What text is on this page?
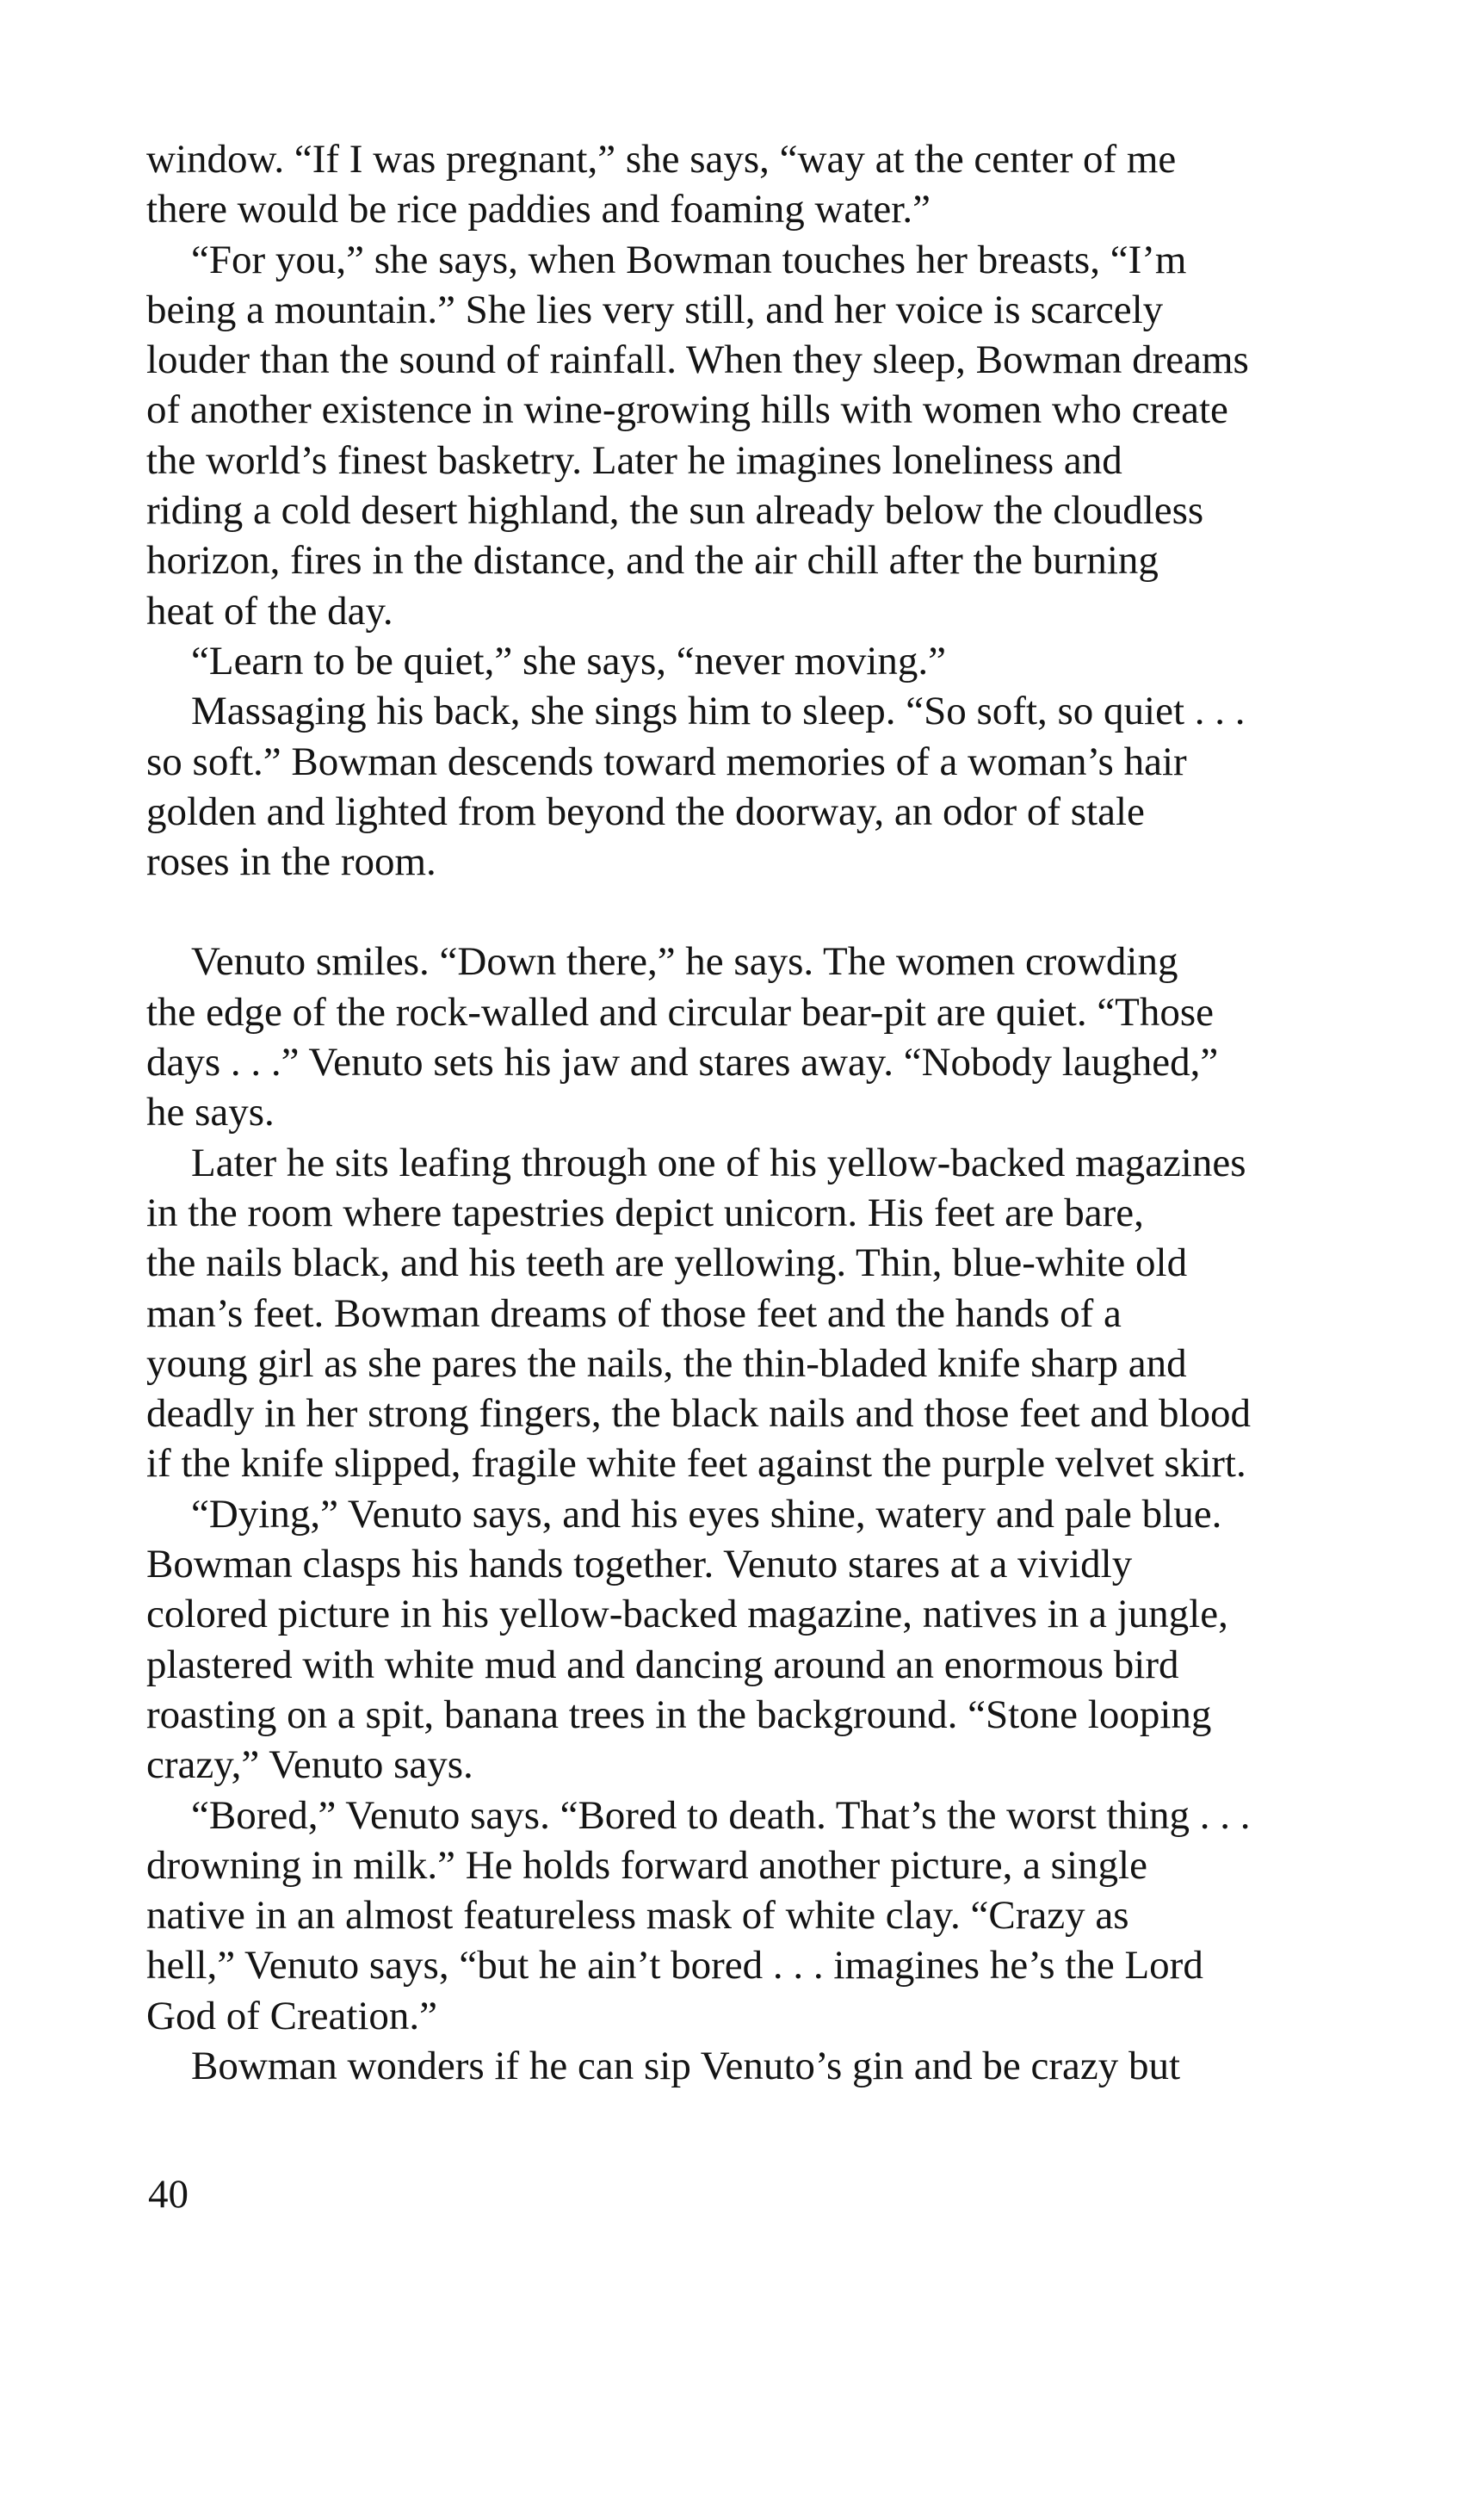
window. “If I was pregnant,” she says, “way at the center of me
there would be rice paddies and foaming water.”
“For you,” she says, when Bowman touches her breasts, “I’m
being a mountain.” She lies very still, and her voice is scarcely
louder than the sound of rainfall. When they sleep, Bowman dreams
of another existence in wine-growing hills with women who create
the world’s finest basketry. Later he imagines loneliness and
riding a cold desert highland, the sun already below the cloudless
horizon, fires in the distance, and the air chill after the burning
heat of the day.
“Learn to be quiet,” she says, “never moving.”
Massaging his back, she sings him to sleep. “So soft, so quiet . . .
so soft.” Bowman descends toward memories of a woman’s hair
golden and lighted from beyond the doorway, an odor of stale
roses in the room.
Venuto smiles. “Down there,” he says. The women crowding
the edge of the rock-walled and circular bear-pit are quiet. “Those
days . . .” Venuto sets his jaw and stares away. “Nobody laughed,”
he says.
Later he sits leafing through one of his yellow-backed magazines
in the room where tapestries depict unicorn. His feet are bare,
the nails black, and his teeth are yellowing. Thin, blue-white old
man’s feet. Bowman dreams of those feet and the hands of a
young girl as she pares the nails, the thin-bladed knife sharp and
deadly in her strong fingers, the black nails and those feet and blood
if the knife slipped, fragile white feet against the purple velvet skirt.
“Dying,” Venuto says, and his eyes shine, watery and pale blue.
Bowman clasps his hands together. Venuto stares at a vividly
colored picture in his yellow-backed magazine, natives in a jungle,
plastered with white mud and dancing around an enormous bird
roasting on a spit, banana trees in the background. “Stone looping
crazy,” Venuto says.
“Bored,” Venuto says. “Bored to death. That’s the worst thing . . .
drowning in milk.” He holds forward another picture, a single
native in an almost featureless mask of white clay. “Crazy as
hell,” Venuto says, “but he ain’t bored . . . imagines he’s the Lord
God of Creation.”
Bowman wonders if he can sip Venuto’s gin and be crazy but
40
